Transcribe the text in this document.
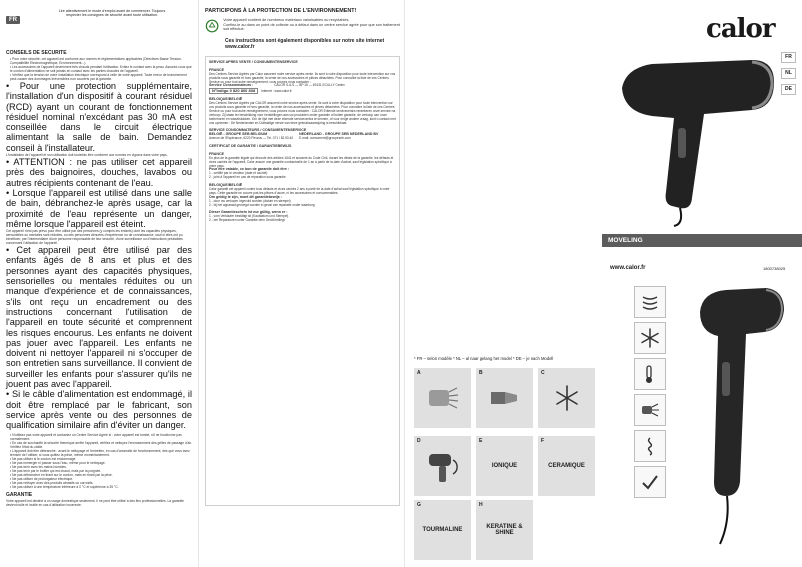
FR
Lire attentivement le mode d'emploi avant de commencer. Toujours respecter les consignes de sécurité avant toute utilisation.
CONSEILS DE SECURITE
• Pour votre sécurité, cet appareil est conforme aux normes et réglementations applicables (Directives Basse Tension, Compatibilité Electromagnétique, Environnement...).
• Les accessoires de l'appareil deviennent très chauds pendant l'utilisation. Evitez le contact avec la peau. Assurez-vous que le cordon d'alimentation ne soit jamais en contact avec les parties chaudes de l'appareil.
• Vérifiez que la tension de votre installation électrique correspond à celle de votre appareil. Toute erreur de branchement peut causer des dommages irréversibles non couverts par la garantie.

• Pour une protection supplémentaire, l'installation d'un dispositif à courant résiduel (RCD) ayant un courant de fonctionnement résiduel nominal n'excédant pas 30 mA est conseillée dans le circuit électrique alimentant la salle de bain. Demandez conseil à l'installateur.

L'installation de l'appareil et son utilisation doit toutefois être conforme aux normes en vigueur dans votre pays.

• ATTENTION : ne pas utiliser cet appareil près des baignoires, douches, lavabos ou autres récipients contenant de l'eau.

• Lorsque l'appareil est utilisé dans une salle de bain, débranchez-le après usage, car la proximité de l'eau représente un danger, même lorsque l'appareil est éteint.

Cet appareil n'est pas prévu pour être utilisé par des personnes (y compris les enfants) dont les capacités physiques, sensorielles ou mentales sont réduites, ou des personnes dénuées d'expérience ou de connaissance, sauf si elles ont pu bénéficier, par l'intermédiaire d'une personne responsable de leur sécurité, d'une surveillance ou d'instructions préalables concernant l'utilisation de l'appareil.

• Cet appareil peut être utilisé par des enfants âgés de 8 ans et plus et des personnes ayant des capacités physiques, sensorielles ou mentales réduites ou un manque d'expérience et de connaissances, s'ils ont reçu un encadrement ou des instructions concernant l'utilisation de l'appareil en toute sécurité et comprennent les risques encourus. Les enfants ne doivent pas jouer avec l'appareil. Les enfants ne doivent ni nettoyer l'appareil ni s'occuper de son entretien sans surveillance. Il convient de surveiller les enfants pour s'assurer qu'ils ne jouent pas avec l'appareil.

• Si le câble d'alimentation est endommagé, il doit être remplacé par le fabricant, son service après vente ou des personnes de qualification similaire afin d'éviter un danger.

• N'utilisez pas votre appareil et contactez un Centre Service Agréé si : votre appareil est tombé, s'il ne fonctionne pas normalement.
• En cas de surchauffe la sécurité thermique arrête l'appareil, vérifiez et nettoyez l'encrassement des grilles de passage d'air. Vérifiez l'état du câble.
• L'appareil doit être débranché : avant le nettoyage et l'entretien, en cas d'anomalie de fonctionnement, dès que vous avez terminé de l'utiliser, si vous quittez la pièce, même momentanément.
• Ne pas utiliser si le cordon est endommagé.
• Ne pas immerger ni passer sous l'eau, même pour le nettoyage.
• Ne pas tenir avec les mains humides.
• Ne pas tenir par le boîtier qui est chaud, mais par la poignée.
• Ne pas débrancher en tirant sur le cordon, mais en tirant par la prise.
• Ne pas utiliser de prolongateur électrique.
• Ne pas nettoyer avec des produits abrasifs ou corrosifs.
• Ne pas utiliser à une température inférieure à 0 °C et supérieure à 35 °C.
GARANTIE
Votre appareil est destiné à un usage domestique seulement. Il ne peut être utilisé à des fins professionnelles. La garantie devient nulle et inutile en cas d'utilisation incorrecte.
PARTICIPONS À LA PROTECTION DE L'ENVIRONNEMENT!
Votre appareil contient de nombreux matériaux valorisables ou recyclables.
Confiez-le au dans un point de collecte ou à défaut dans un centre service agréé pour que son traitement soit effectué.
Ces instructions sont également disponibles sur notre site internet www.calor.fr
SERVICE APRES VENTE / CONSUMENTENSERVICE

FRANCE
Des Centres Service Agréés par Calor assurent notre service après-vente. Ils sont à votre disposition pour toute intervention sur vos produits sous garantie et hors garantie, la vente de nos accessoires et pièces détachées. Pour connaître la liste de ces Centres Service ou pour tout autre renseignement, vous pouvez nous contacter :
Service Consommateurs :	CALOR S.A.S — BP 15 — 69131 ECULLY Cedex
N°Indigo 0 820 800 808 Internet : www.calor.fr

BELGIQUE/BELGIË
Des Centres Service Agréés par CALOR assurent notre service après-vente. Ils sont à votre disposition pour toute intervention sur vos produits sous garantie et hors garantie, la vente de nos accessoires et pièces détachées. Pour connaître la liste de ces Centres Service ou pour tout autre renseignement, vous pouvez nous contacter : CALOR Erkende servicecentra verzekeren onze service na verkoop. Zij staan ter beschikking voor herstellingen aan uw producten onder garantie of buiten garantie, de verkoop van onze toebehoren en wisselstukken. Om de lijst met deze erkende servicecentra te kennen, of voor enige andere vraag, kunt u contact met ons opnemen : De Nederlandse en Duitstalige versie van deze gebruiksaanwijzing is beschikbaar.

SERVICE CONSOMMATEURS / CONSUMENTENSERVICE

BELGIË - GROUPE SEB BELGIUM
Avenue de l'Espérance, 6220 Fleurus — Tel. 071 / 82.53.40
NEDERLAND - GROUPE SEB NEDERLAND BV
E-mail: consument@groupeseb.com

CERTIFICAT DE GARANTIE / GARANTIEBEWIJS

FRANCE
En plus de la garantie légale qui découle des articles 1641 et suivants du Code Civil, durant les délais de la garantie, les défauts et vices cachés de l'appareil, Calor assure une garantie contractuelle de 1 an à partir de la date d'achat, sauf législation spécifique à votre pays.
Pour être valable, ce bon de garantie doit être :
1 - certifié par le vendeur (date et cachet)
2 - joint à l'appareil en cas de réparation sous garantie

BELGIQUE/BELGIË
Calor garantit cet appareil contre tous défauts et vices cachés 2 ans à partir de la date d'achat sauf législation spécifique à votre pays. Cette garantie ne couvre pas les pièces d'usure, ni les accessoires et consommables.
Om geldig te zijn, moet dit garantiebewijs :
1 - door uw verkoper ingevuld worden (datum en stempel)
2 - bij het apparaat gevoegd worden in geval van reparatie onder waarborg

Dieser Garantieschein ist nur gültig, wenn er :
1 - vom Verkäufer bestätigt ist (Kaufdatum und Stempel)
2 - bei Reparaturen unter Garantie dem Gerät beiliegt
* FR – selon modèle * NL – al naar gelang het model * DE – je nach Modell
A	B	C
D	E
IONIQUE
F
CERAMIQUE
G
TOURMALINE
H
KERATINE & SHINE
calor
FR
NL
DE
MOVELING
www.calor.fr	1800738025
